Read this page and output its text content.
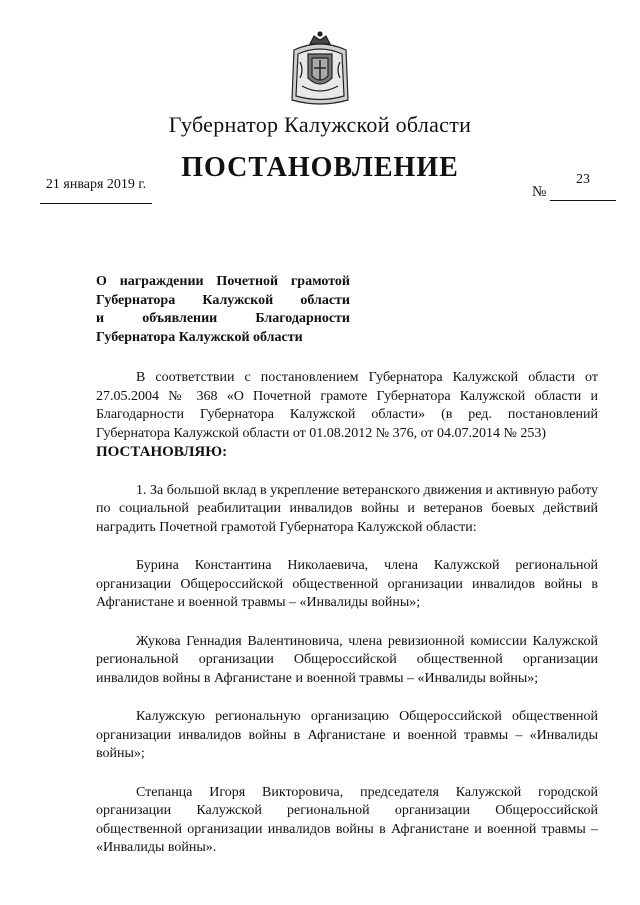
Губернатор Калужской области
ПОСТАНОВЛЕНИЕ
21 января 2019 г.	№
23
О награждении Почетной грамотой
Губернатора Калужской области
и объявлении Благодарности
Губернатора Калужской области

В соответствии с постановлением Губернатора Калужской области от 27.05.2004 № 368 «О Почетной грамоте Губернатора Калужской области и Благодарности Губернатора Калужской области» (в ред. постановлений Губернатора Калужской области от 01.08.2012 № 376, от 04.07.2014 № 253)

ПОСТАНОВЛЯЮ:

1. За большой вклад в укрепление ветеранского движения и активную работу по социальной реабилитации инвалидов войны и ветеранов боевых действий наградить Почетной грамотой Губернатора Калужской области:

Бурина Константина Николаевича, члена Калужской региональной организации Общероссийской общественной организации инвалидов войны в Афганистане и военной травмы – «Инвалиды войны»;

Жукова Геннадия Валентиновича, члена ревизионной комиссии Калужской региональной организации Общероссийской общественной организации инвалидов войны в Афганистане и военной травмы – «Инвалиды войны»;

Калужскую региональную организацию Общероссийской общественной организации инвалидов войны в Афганистане и военной травмы – «Инвалиды войны»;

Степанца Игоря Викторовича, председателя Калужской городской организации Калужской региональной организации Общероссийской общественной организации инвалидов войны в Афганистане и военной травмы – «Инвалиды войны».
